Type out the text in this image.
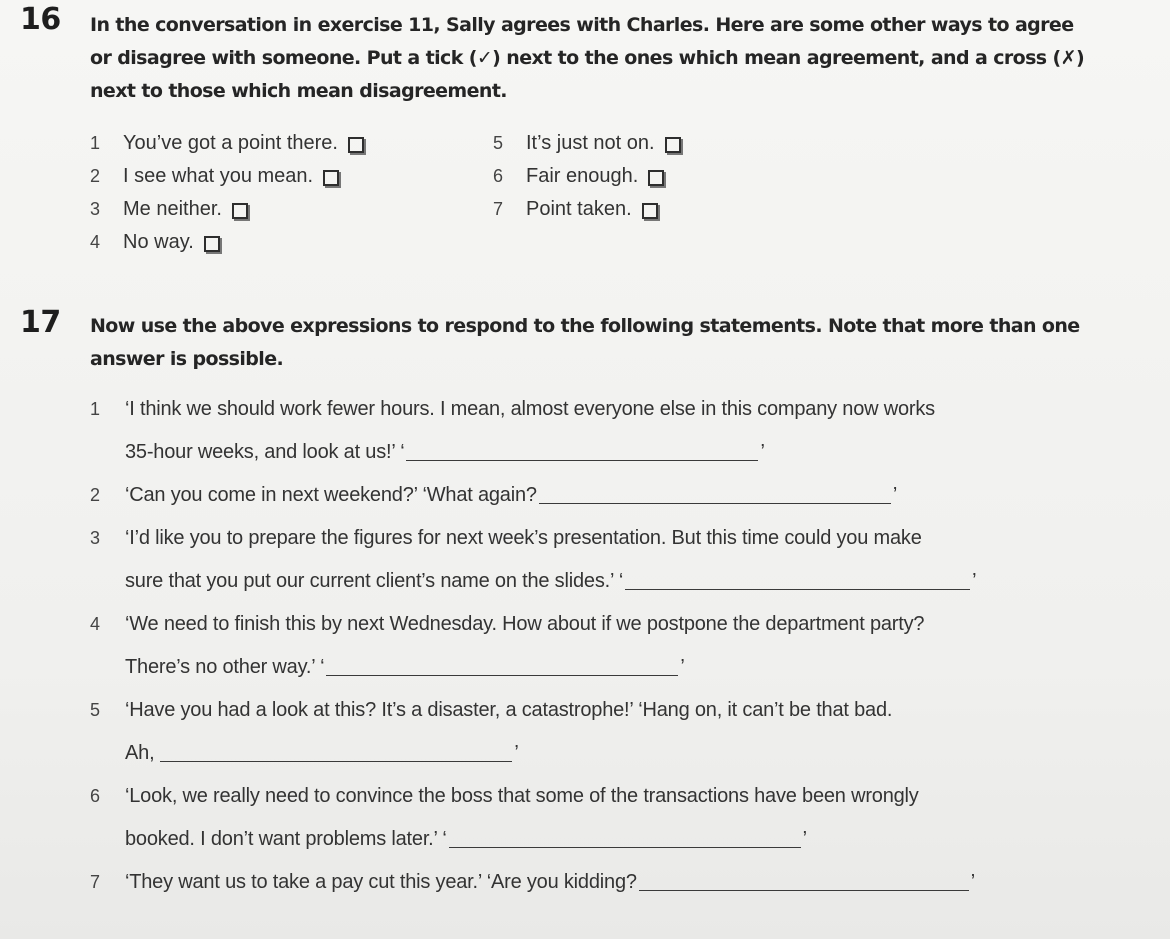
16 In the conversation in exercise 11, Sally agrees with Charles. Here are some other ways to agree or disagree with someone. Put a tick (✓) next to the ones which mean agreement, and a cross (✗) next to those which mean disagreement.
1	You’ve got a point there.
2	I see what you mean.
3	Me neither.
4	No way.
5	It’s just not on.
6	Fair enough.
7	Point taken.
17 Now use the above expressions to respond to the following statements. Note that more than one answer is possible.
1 ‘I think we should work fewer hours. I mean, almost everyone else in this company now works
35-hour weeks, and look at us!’ ‘	’
2 ‘Can you come in next weekend?’ ‘What again?	’
3 ‘I’d like you to prepare the figures for next week’s presentation. But this time could you make
sure that you put our current client’s name on the slides.’ ‘	’
4 ‘We need to finish this by next Wednesday. How about if we postpone the department party?
There’s no other way.’ ‘	’
5 ‘Have you had a look at this? It’s a disaster, a catastrophe!’ ‘Hang on, it can’t be that bad.
Ah,	’
6 ‘Look, we really need to convince the boss that some of the transactions have been wrongly
booked. I don’t want problems later.’ ‘	’
7 ‘They want us to take a pay cut this year.’ ‘Are you kidding?	’
